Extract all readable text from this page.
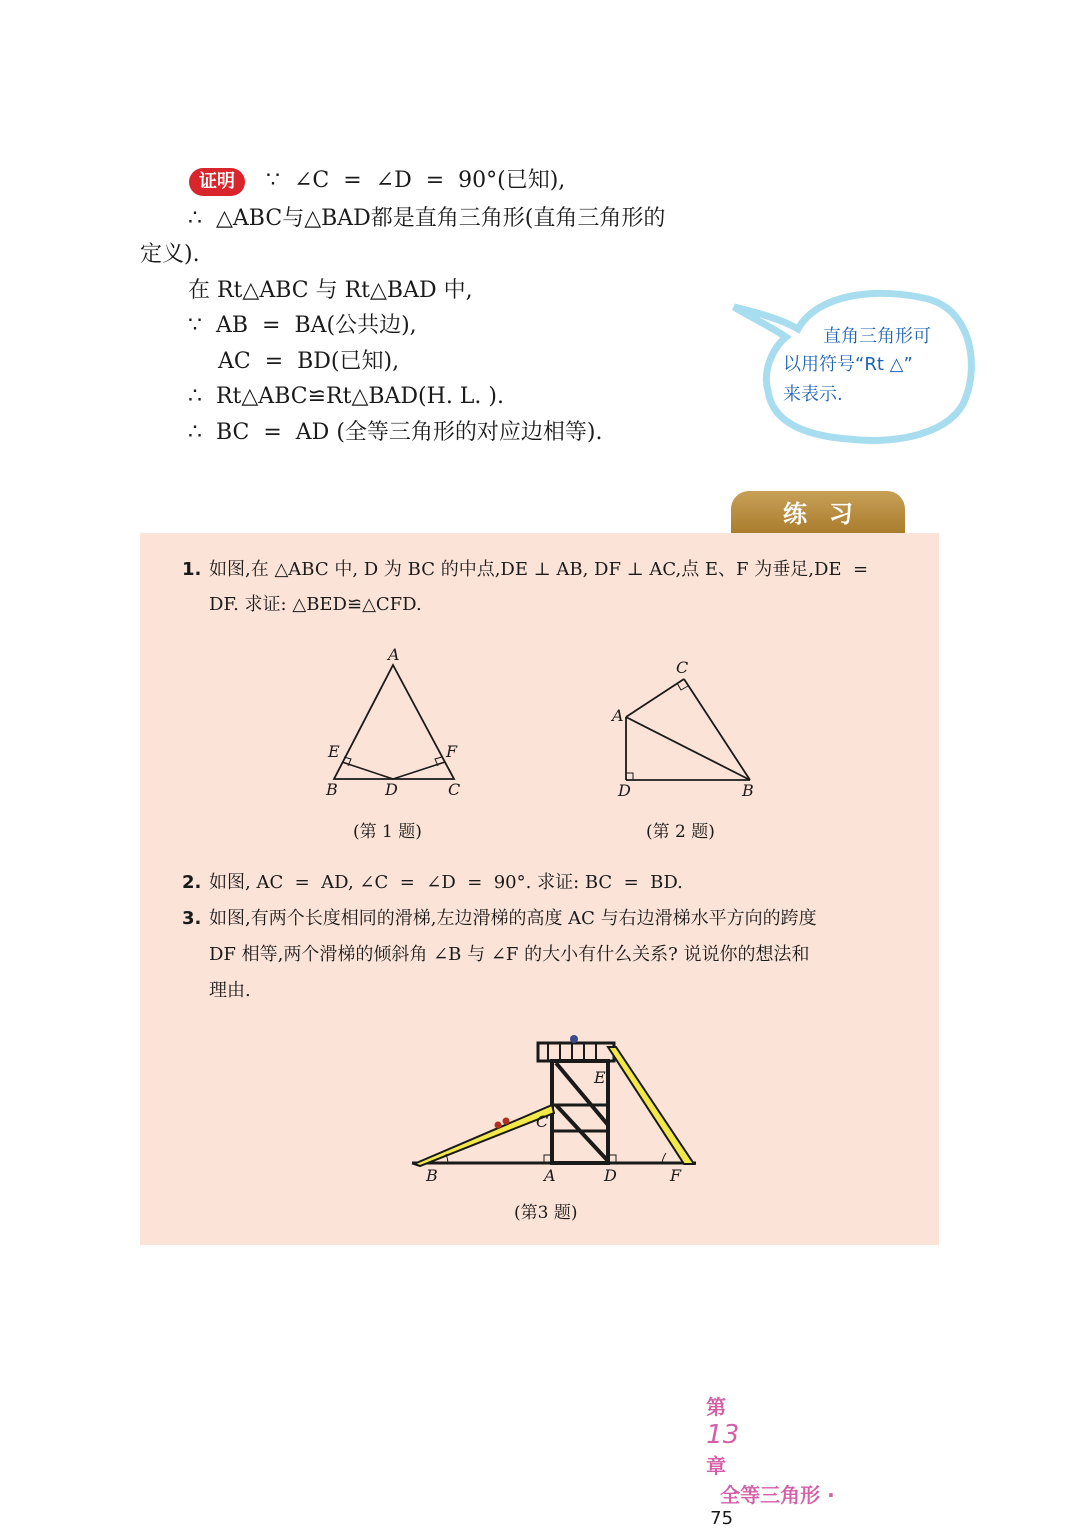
证明	∵  ∠C  =  ∠D  =  90°(已知),
∴  △ABC与△BAD都是直角三角形(直角三角形的
定义).
在 Rt△ABC 与 Rt△BAD 中,
∵  AB  =  BA(公共边),
AC  =  BD(已知),
∴  Rt△ABC≌Rt△BAD(H. L. ).
∴  BC  =  AD (全等三角形的对应边相等).
直角三角形可
以用符号“Rt △”
来表示.
练习
1. 如图,在 △ABC 中, D 为 BC 的中点,DE ⊥ AB, DF ⊥ AC,点 E、F 为垂足,DE  =
DF. 求证: △BED≌△CFD.
A
E	F
B	D	C
(第 1 题)
C
A
D	B
(第 2 题)
2. 如图, AC  =  AD, ∠C  =  ∠D  =  90°. 求证: BC  =  BD.
3. 如图,有两个长度相同的滑梯,左边滑梯的高度 AC 与右边滑梯水平方向的跨度
DF 相等,两个滑梯的倾斜角 ∠B 与 ∠F 的大小有什么关系? 说说你的想法和
理由.
E
C
B	A	D	F
(第3 题)

第
13
章
全等三角形 ·
75
